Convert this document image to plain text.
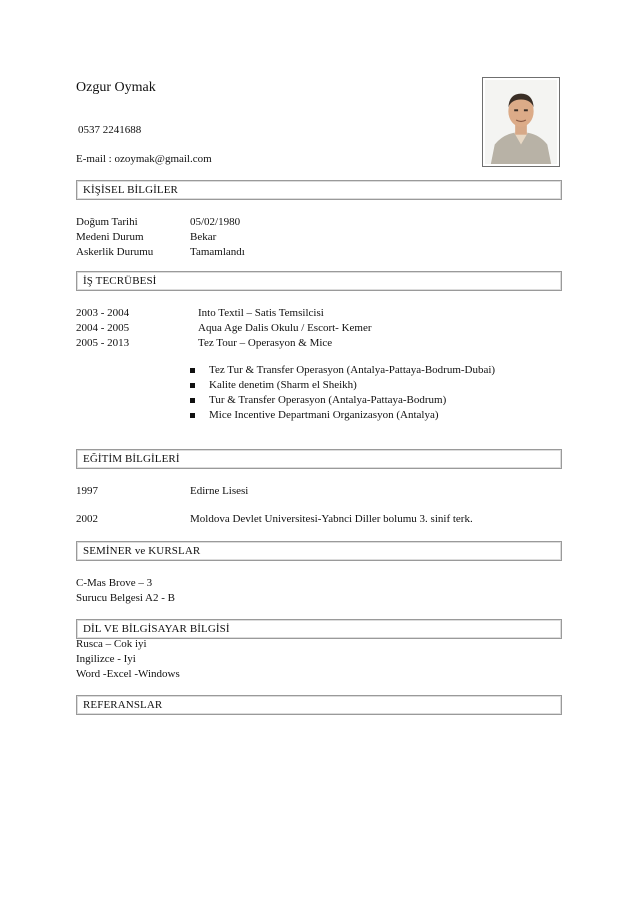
Ozgur Oymak
0537 2241688
E-mail : ozoymak@gmail.com
KİŞİSEL BİLGİLER
Doğum Tarihi	05/02/1980
Medeni Durum	Bekar
Askerlik Durumu	Tamamlandı
İŞ TECRÜBESİ
2003 - 2004	Into Textil – Satis Temsilcisi
2004 - 2005	Aqua Age Dalis Okulu / Escort- Kemer
2005 - 2013	Tez Tour – Operasyon & Mice
Tez Tur & Transfer Operasyon (Antalya-Pattaya-Bodrum-Dubai)
Kalite denetim (Sharm el Sheikh)
Tur & Transfer Operasyon (Antalya-Pattaya-Bodrum)
Mice Incentive Departmani Organizasyon (Antalya)
EĞİTİM BİLGİLERİ
1997	Edirne Lisesi
2002	Moldova Devlet Universitesi-Yabnci Diller bolumu 3. sinif terk.
SEMİNER ve KURSLAR
C-Mas Brove – 3
Surucu Belgesi A2 - B
DİL VE BİLGİSAYAR BİLGİSİ
Rusca – Cok iyi
Ingilizce - Iyi
Word -Excel -Windows
REFERANSLAR
